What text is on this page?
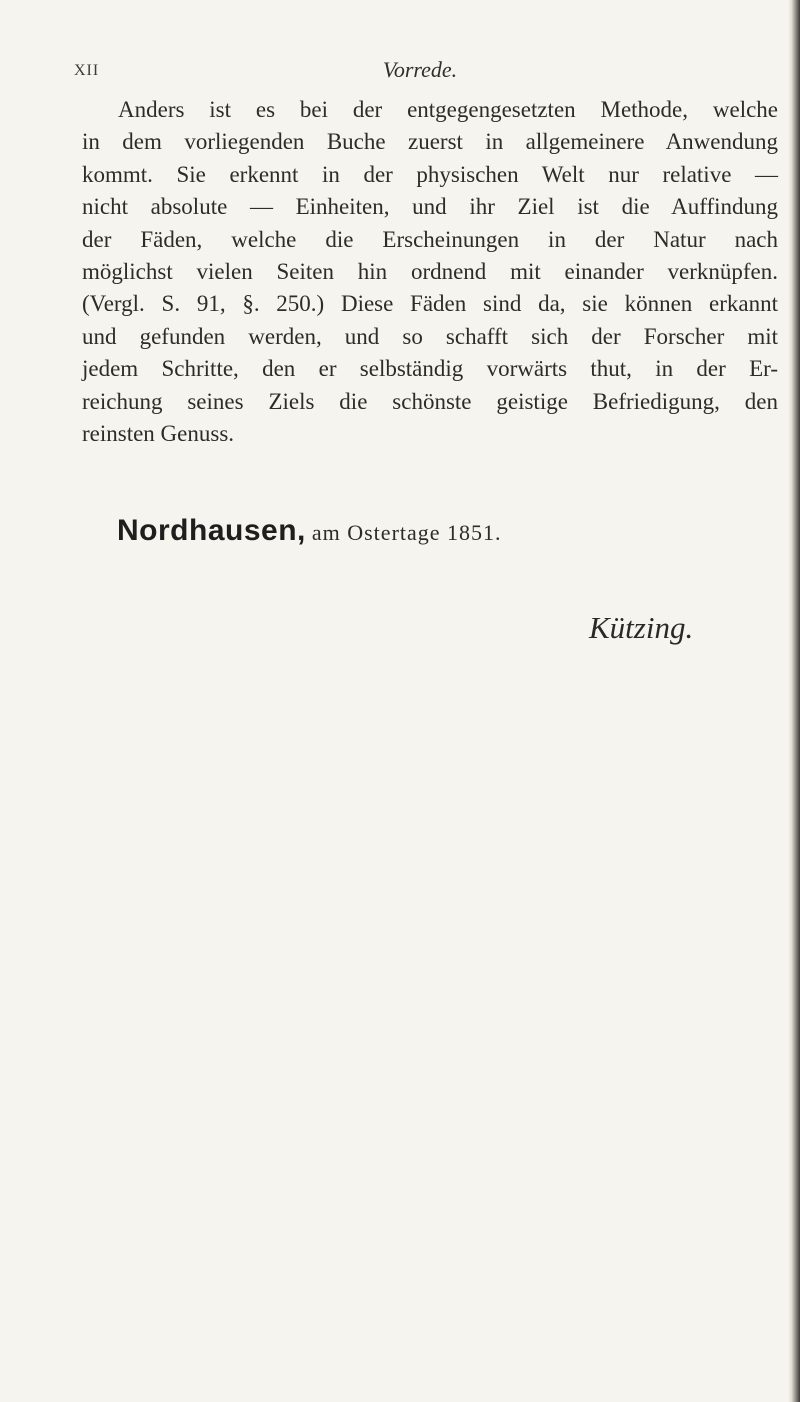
XII	Vorrede.
Anders ist es bei der entgegengesetzten Methode, welche
in dem vorliegenden Buche zuerst in allgemeinere Anwendung
kommt. Sie erkennt in der physischen Welt nur relative —
nicht absolute — Einheiten, und ihr Ziel ist die Auffindung
der Fäden, welche die Erscheinungen in der Natur nach
möglichst vielen Seiten hin ordnend mit einander verknüpfen.
(Vergl. S. 91, §. 250.) Diese Fäden sind da, sie können erkannt
und gefunden werden, und so schafft sich der Forscher mit
jedem Schritte, den er selbständig vorwärts thut, in der Er-
reichung seines Ziels die schönste geistige Befriedigung, den
reinsten Genuss.
Nordhausen, am Ostertage 1851.
Kützing.
